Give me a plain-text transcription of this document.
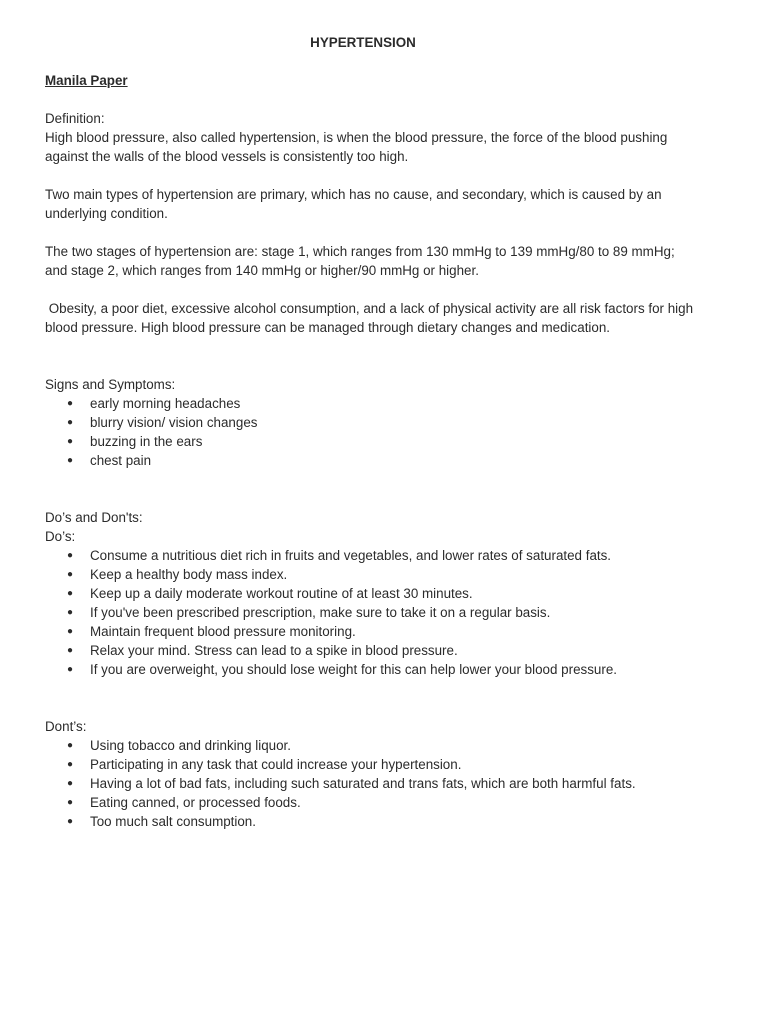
HYPERTENSION

Manila Paper

Definition:

High blood pressure, also called hypertension, is when the blood pressure, the force of the blood pushing against the walls of the blood vessels is consistently too high.

Two main types of hypertension are primary, which has no cause, and secondary, which is caused by an underlying condition.

The two stages of hypertension are: stage 1, which ranges from 130 mmHg to 139 mmHg/80 to 89 mmHg; and stage 2, which ranges from 140 mmHg or higher/90 mmHg or higher.

Obesity, a poor diet, excessive alcohol consumption, and a lack of physical activity are all risk factors for high blood pressure. High blood pressure can be managed through dietary changes and medication.

Signs and Symptoms:

● early morning headaches
● blurry vision/ vision changes
● buzzing in the ears
● chest pain

Do’s and Don'ts:

Do’s:

● Consume a nutritious diet rich in fruits and vegetables, and lower rates of saturated fats.
● Keep a healthy body mass index.
● Keep up a daily moderate workout routine of at least 30 minutes.
● If you've been prescribed prescription, make sure to take it on a regular basis.
● Maintain frequent blood pressure monitoring.
● Relax your mind. Stress can lead to a spike in blood pressure.
● If you are overweight, you should lose weight for this can help lower your blood pressure.

Dont’s:

● Using tobacco and drinking liquor.
● Participating in any task that could increase your hypertension.
● Having a lot of bad fats, including such saturated and trans fats, which are both harmful fats.
● Eating canned, or processed foods.
● Too much salt consumption.
